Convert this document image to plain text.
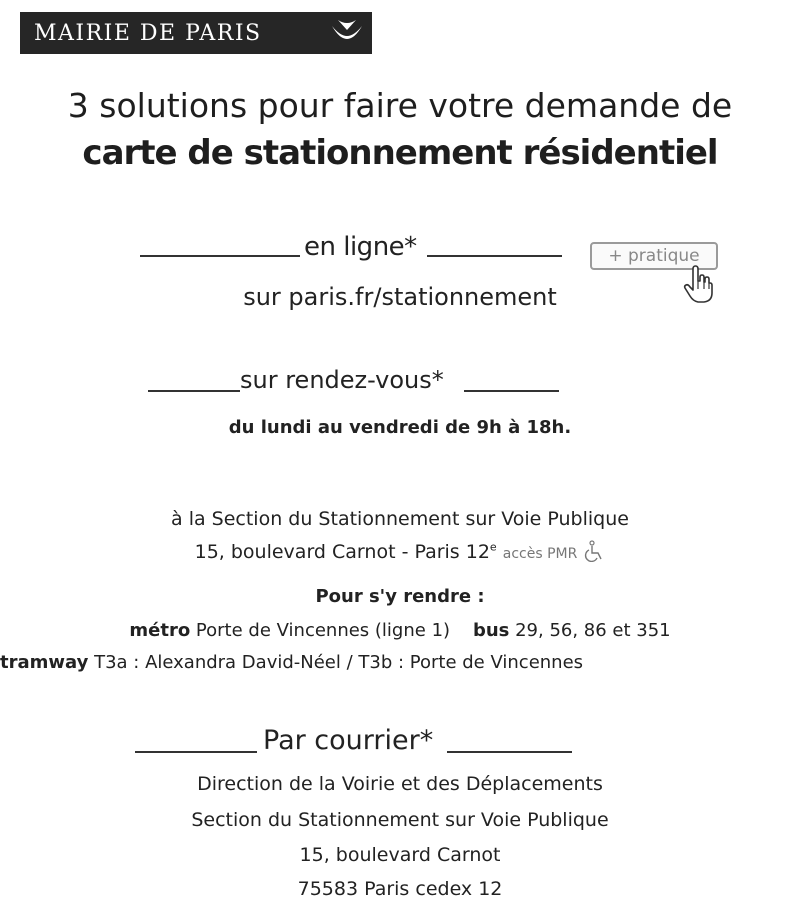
MAIRIE DE PARIS
3 solutions pour faire votre demande de
carte de stationnement résidentiel
en ligne*	+ pratique
sur paris.fr/stationnement
sur rendez-vous*
du lundi au vendredi de 9h à 18h.
à la Section du Stationnement sur Voie Publique
15, boulevard Carnot - Paris 12e accès PMR
Pour s'y rendre :
métro Porte de Vincennes (ligne 1) bus 29, 56, 86 et 351
tramway T3a : Alexandra David-Néel / T3b : Porte de Vincennes
Par courrier*
Direction de la Voirie et des Déplacements
Section du Stationnement sur Voie Publique
15, boulevard Carnot
75583 Paris cedex 12
